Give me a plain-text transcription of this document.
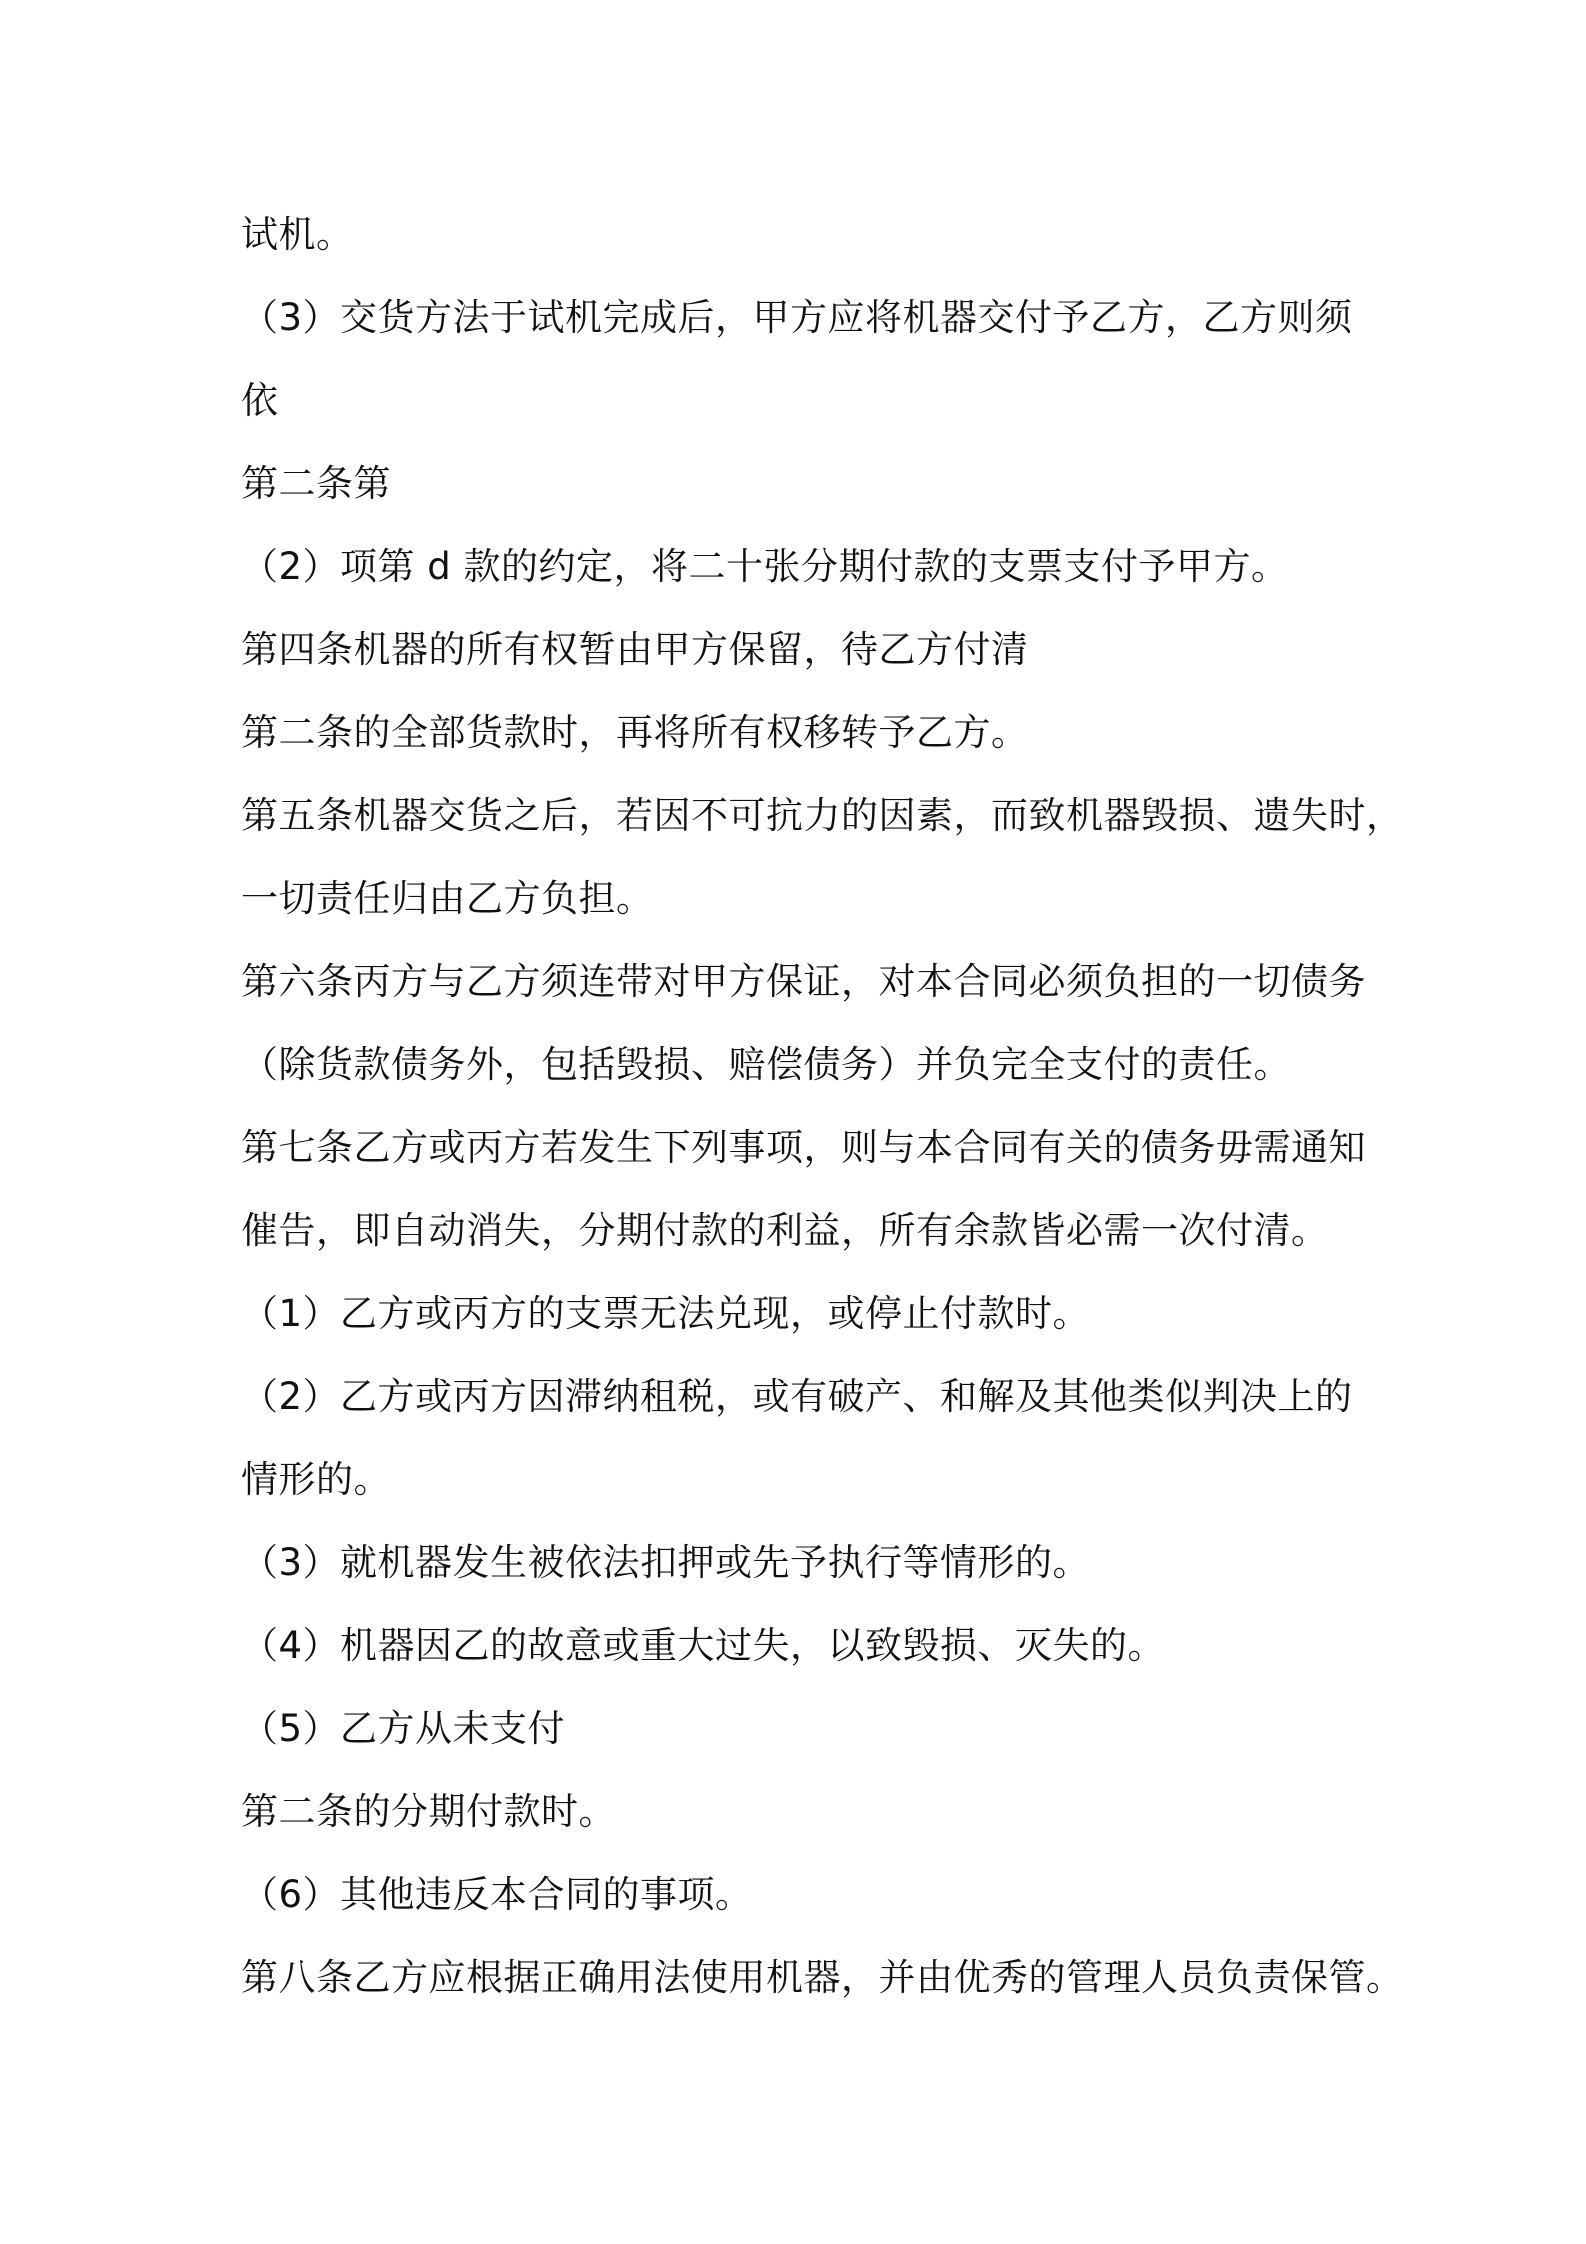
试机。
（3）交货方法于试机完成后，甲方应将机器交付予乙方，乙方则须
依
第二条第
（2）项第 d 款的约定，将二十张分期付款的支票支付予甲方。
第四条机器的所有权暂由甲方保留，待乙方付清
第二条的全部货款时，再将所有权移转予乙方。
第五条机器交货之后，若因不可抗力的因素，而致机器毁损、遗失时，
一切责任归由乙方负担。
第六条丙方与乙方须连带对甲方保证，对本合同必须负担的一切债务
（除货款债务外，包括毁损、赔偿债务）并负完全支付的责任。
第七条乙方或丙方若发生下列事项，则与本合同有关的债务毋需通知
催告，即自动消失，分期付款的利益，所有余款皆必需一次付清。
（1）乙方或丙方的支票无法兑现，或停止付款时。
（2）乙方或丙方因滞纳租税，或有破产、和解及其他类似判决上的
情形的。
（3）就机器发生被依法扣押或先予执行等情形的。
（4）机器因乙的故意或重大过失，以致毁损、灭失的。
（5）乙方从未支付
第二条的分期付款时。
（6）其他违反本合同的事项。
第八条乙方应根据正确用法使用机器，并由优秀的管理人员负责保管。
